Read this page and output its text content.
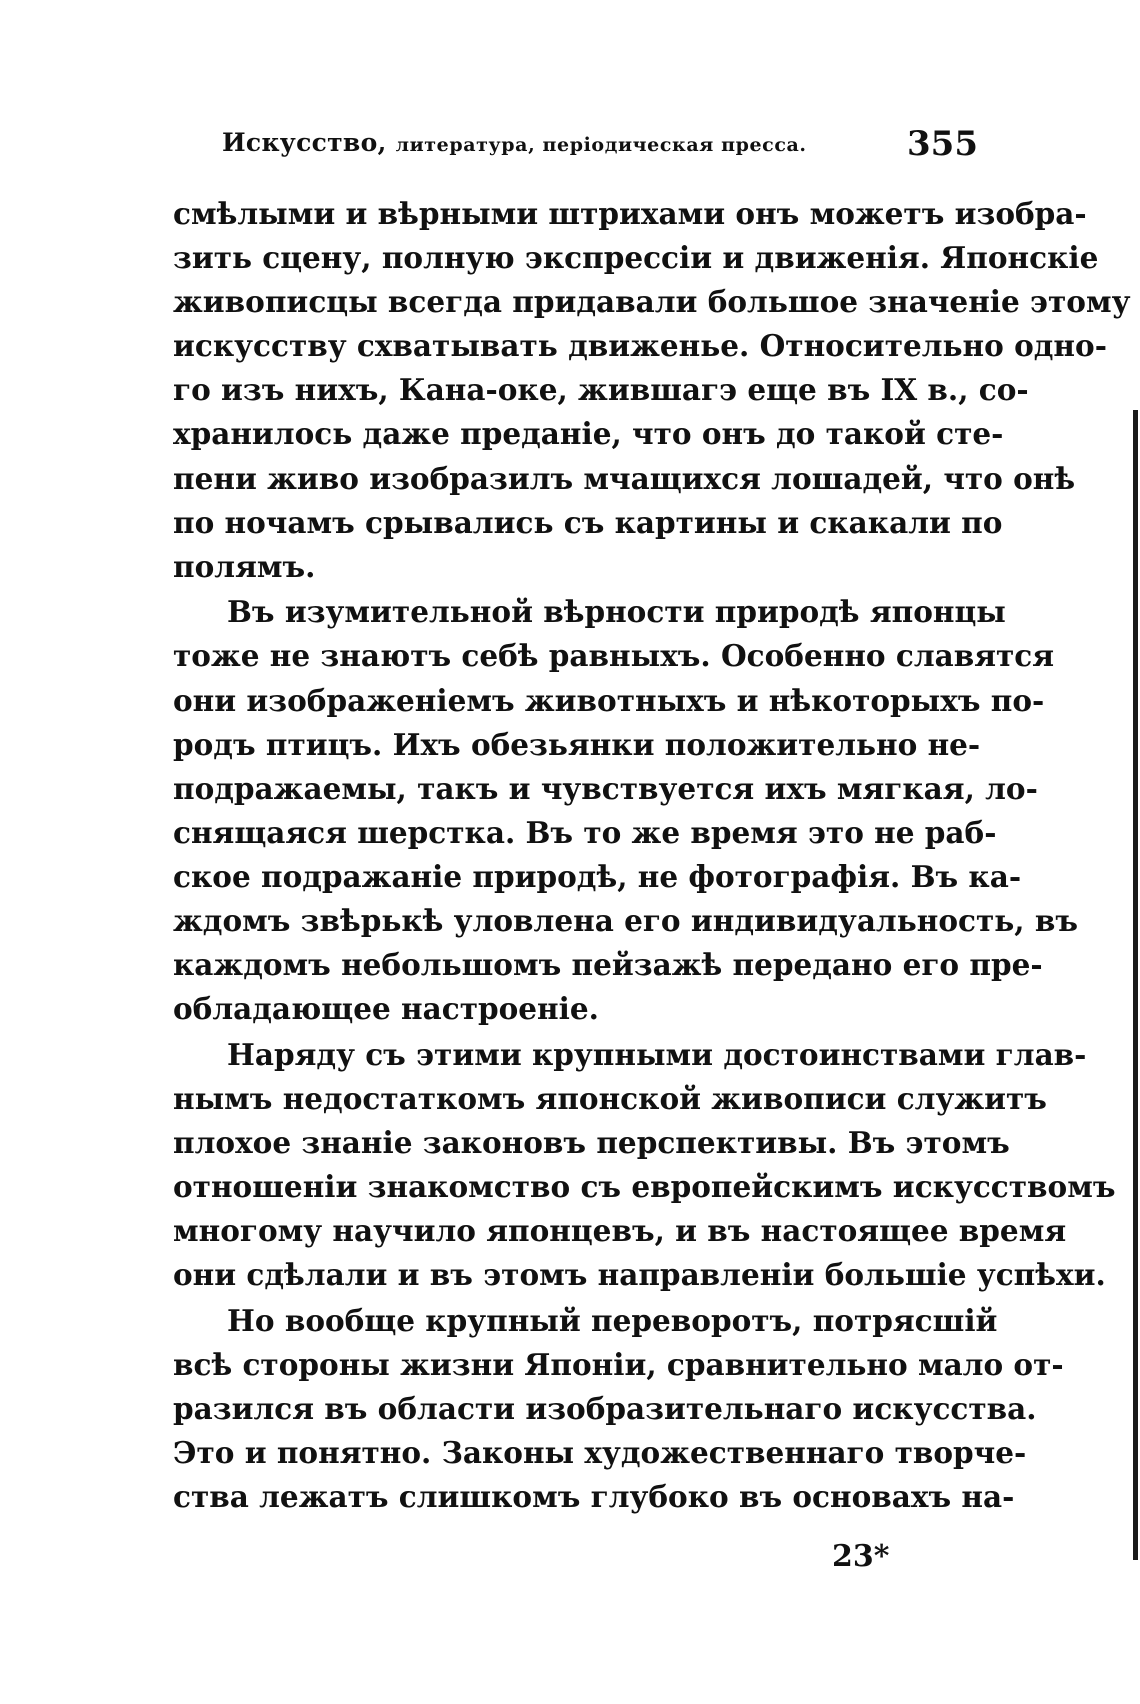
Искусство, литература, періодическая пресса.	355
смѣлыми и вѣрными штрихами онъ можетъ изобра-
зить сцену, полную экспрессіи и движенія. Японскіе
живописцы всегда придавали большое значеніе этому
искусству схватывать движенье. Относительно одно-
го изъ нихъ, Кана-оке, жившагэ еще въ IX в., со-
хранилось даже преданіе, что онъ до такой сте-
пени живо изобразилъ мчащихся лошадей, что онѣ
по ночамъ срывались съ картины и скакали по
полямъ.
Въ изумительной вѣрности природѣ японцы
тоже не знаютъ себѣ равныхъ. Особенно славятся
они изображеніемъ животныхъ и нѣкоторыхъ по-
родъ птицъ. Ихъ обезьянки положительно не-
подражаемы, такъ и чувствуется ихъ мягкая, ло-
снящаяся шерстка. Въ то же время это не раб-
ское подражаніе природѣ, не фотографія. Въ ка-
ждомъ звѣрькѣ уловлена его индивидуальность, въ
каждомъ небольшомъ пейзажѣ передано его пре-
обладающее настроеніе.
Наряду съ этими крупными достоинствами глав-
нымъ недостаткомъ японской живописи служитъ
плохое знаніе законовъ перспективы. Въ этомъ
отношеніи знакомство съ европейскимъ искусствомъ
многому научило японцевъ, и въ настоящее время
они сдѣлали и въ этомъ направленіи большіе успѣхи.
Но вообще крупный переворотъ, потрясшій
всѣ стороны жизни Японіи, сравнительно мало от-
разился въ области изобразительнаго искусства.
Это и понятно. Законы художественнаго творче-
ства лежатъ слишкомъ глубоко въ основахъ на-
23*
